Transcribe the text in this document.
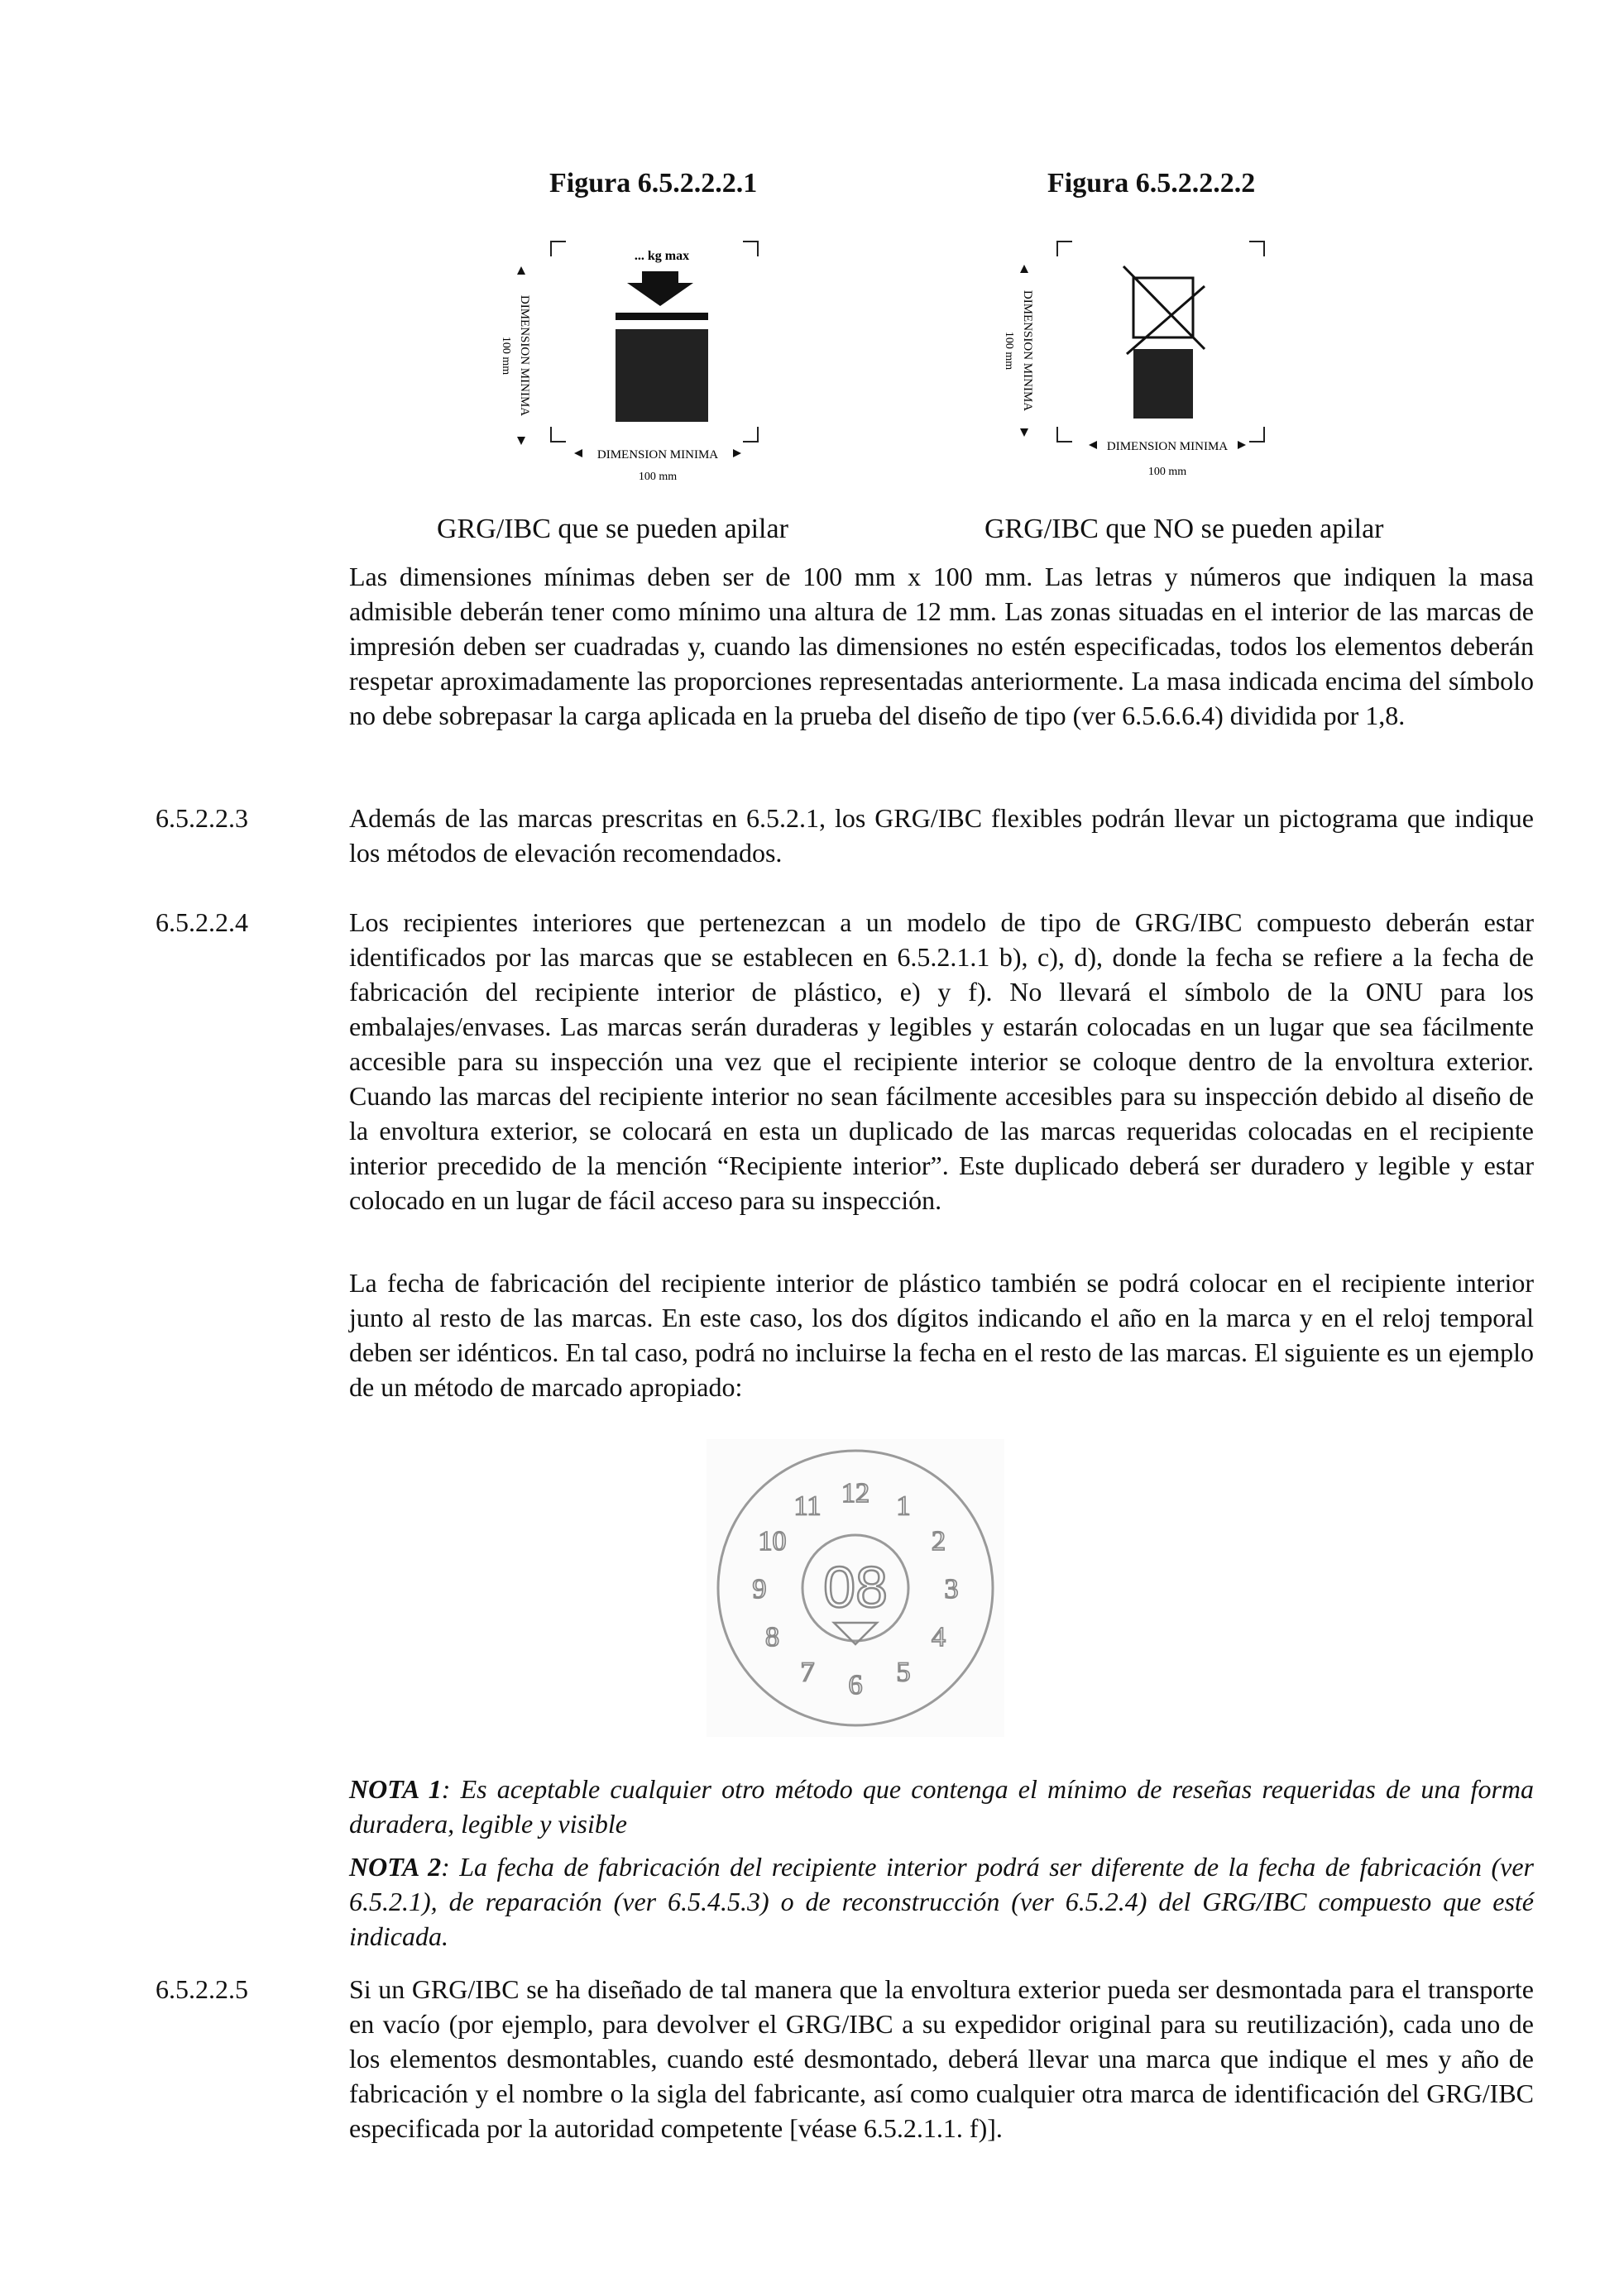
Figura 6.5.2.2.2.1	Figura 6.5.2.2.2.2
... kg max
DIMENSION MINIMA
100 mm
DIMENSION MINIMA
100 mm
DIMENSION MINIMA
100 mm
DIMENSION MINIMA
100 mm
GRG/IBC que se pueden apilar	GRG/IBC que NO se pueden apilar
Las dimensiones mínimas deben ser de 100 mm x 100 mm. Las letras y números que indiquen la masa admisible deberán tener como mínimo una altura de 12 mm. Las zonas situadas en el interior de las marcas de impresión deben ser cuadradas y, cuando las dimensiones no estén especificadas, todos los elementos deberán respetar aproximadamente las proporciones representadas anteriormente. La masa indicada encima del símbolo no debe sobrepasar la carga aplicada en la prueba del diseño de tipo (ver 6.5.6.6.4) dividida por 1,8.
6.5.2.2.3	Además de las marcas prescritas en 6.5.2.1, los GRG/IBC flexibles podrán llevar un pictograma que indique los métodos de elevación recomendados.
6.5.2.2.4	Los recipientes interiores que pertenezcan a un modelo de tipo de GRG/IBC compuesto deberán estar identificados por las marcas que se establecen en 6.5.2.1.1 b), c), d), donde la fecha se refiere a la fecha de fabricación del recipiente interior de plástico, e) y f). No llevará el símbolo de la ONU para los embalajes/envases. Las marcas serán duraderas y legibles y estarán colocadas en un lugar que sea fácilmente accesible para su inspección una vez que el recipiente interior se coloque dentro de la envoltura exterior. Cuando las marcas del recipiente interior no sean fácilmente accesibles para su inspección debido al diseño de la envoltura exterior, se colocará en esta un duplicado de las marcas requeridas colocadas en el recipiente interior precedido de la mención “Recipiente interior”. Este duplicado deberá ser duradero y legible y estar colocado en un lugar de fácil acceso para su inspección.
La fecha de fabricación del recipiente interior de plástico también se podrá colocar en el recipiente interior junto al resto de las marcas. En este caso, los dos dígitos indicando el año en la marca y en el reloj temporal deben ser idénticos. En tal caso, podrá no incluirse la fecha en el resto de las marcas. El siguiente es un ejemplo de un método de marcado apropiado:
08
12 1
2
3
4
5
6
7
8
9
10
11
NOTA 1: Es aceptable cualquier otro método que contenga el mínimo de reseñas requeridas de una forma duradera, legible y visible
NOTA 2: La fecha de fabricación del recipiente interior podrá ser diferente de la fecha de fabricación (ver 6.5.2.1), de reparación (ver 6.5.4.5.3) o de reconstrucción (ver 6.5.2.4) del GRG/IBC compuesto que esté indicada.
6.5.2.2.5	Si un GRG/IBC se ha diseñado de tal manera que la envoltura exterior pueda ser desmontada para el transporte en vacío (por ejemplo, para devolver el GRG/IBC a su expedidor original para su reutilización), cada uno de los elementos desmontables, cuando esté desmontado, deberá llevar una marca que indique el mes y año de fabricación y el nombre o la sigla del fabricante, así como cualquier otra marca de identificación del GRG/IBC especificada por la autoridad competente [véase 6.5.2.1.1. f)].
